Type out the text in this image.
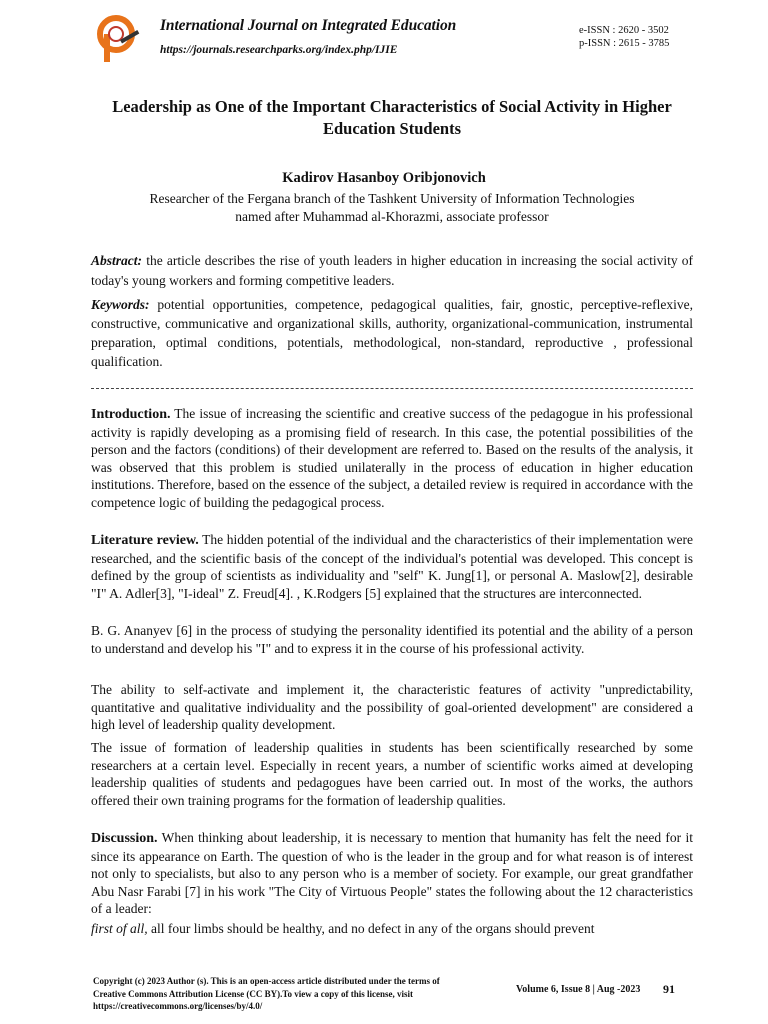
International Journal on Integrated Education
https://journals.researchparks.org/index.php/IJIE
e-ISSN : 2620 - 3502
p-ISSN : 2615 - 3785
Leadership as One of the Important Characteristics of Social Activity in Higher Education Students
Kadirov Hasanboy Oribjonovich
Researcher of the Fergana branch of the Tashkent University of Information Technologies
named after Muhammad al-Khorazmi, associate professor
Abstract: the article describes the rise of youth leaders in higher education in increasing the social activity of today's young workers and forming competitive leaders.
Keywords: potential opportunities, competence, pedagogical qualities, fair, gnostic, perceptive-reflexive, constructive, communicative and organizational skills, authority, organizational-communication, instrumental preparation, optimal conditions, potentials, methodological, non-standard, reproductive , professional qualification.
Introduction. The issue of increasing the scientific and creative success of the pedagogue in his professional activity is rapidly developing as a promising field of research. In this case, the potential possibilities of the person and the factors (conditions) of their development are referred to. Based on the results of the analysis, it was observed that this problem is studied unilaterally in the process of education in higher education institutions. Therefore, based on the essence of the subject, a detailed review is required in accordance with the competence logic of building the pedagogical process.
Literature review. The hidden potential of the individual and the characteristics of their implementation were researched, and the scientific basis of the concept of the individual's potential was developed. This concept is defined by the group of scientists as individuality and "self" K. Jung[1], or personal A. Maslow[2], desirable "I" A. Adler[3], "I-ideal" Z. Freud[4]. , K.Rodgers [5] explained that the structures are interconnected.
B. G. Ananyev [6] in the process of studying the personality identified its potential and the ability of a person to understand and develop his "I" and to express it in the course of his professional activity.
The ability to self-activate and implement it, the characteristic features of activity "unpredictability, quantitative and qualitative individuality and the possibility of goal-oriented development" are considered a high level of leadership quality development.
The issue of formation of leadership qualities in students has been scientifically researched by some researchers at a certain level. Especially in recent years, a number of scientific works aimed at developing leadership qualities of students and pedagogues have been carried out. In most of the works, the authors offered their own training programs for the formation of leadership qualities.
Discussion. When thinking about leadership, it is necessary to mention that humanity has felt the need for it since its appearance on Earth. The question of who is the leader in the group and for what reason is of interest not only to specialists, but also to any person who is a member of society. For example, our great grandfather Abu Nasr Farabi [7] in his work "The City of Virtuous People" states the following about the 12 characteristics of a leader:
first of all, all four limbs should be healthy, and no defect in any of the organs should prevent
Copyright (c) 2023 Author (s). This is an open-access article distributed under the terms of Creative Commons Attribution License (CC BY).To view a copy of this license, visit https://creativecommons.org/licenses/by/4.0/
Volume 6, Issue 8 | Aug -2023 91
